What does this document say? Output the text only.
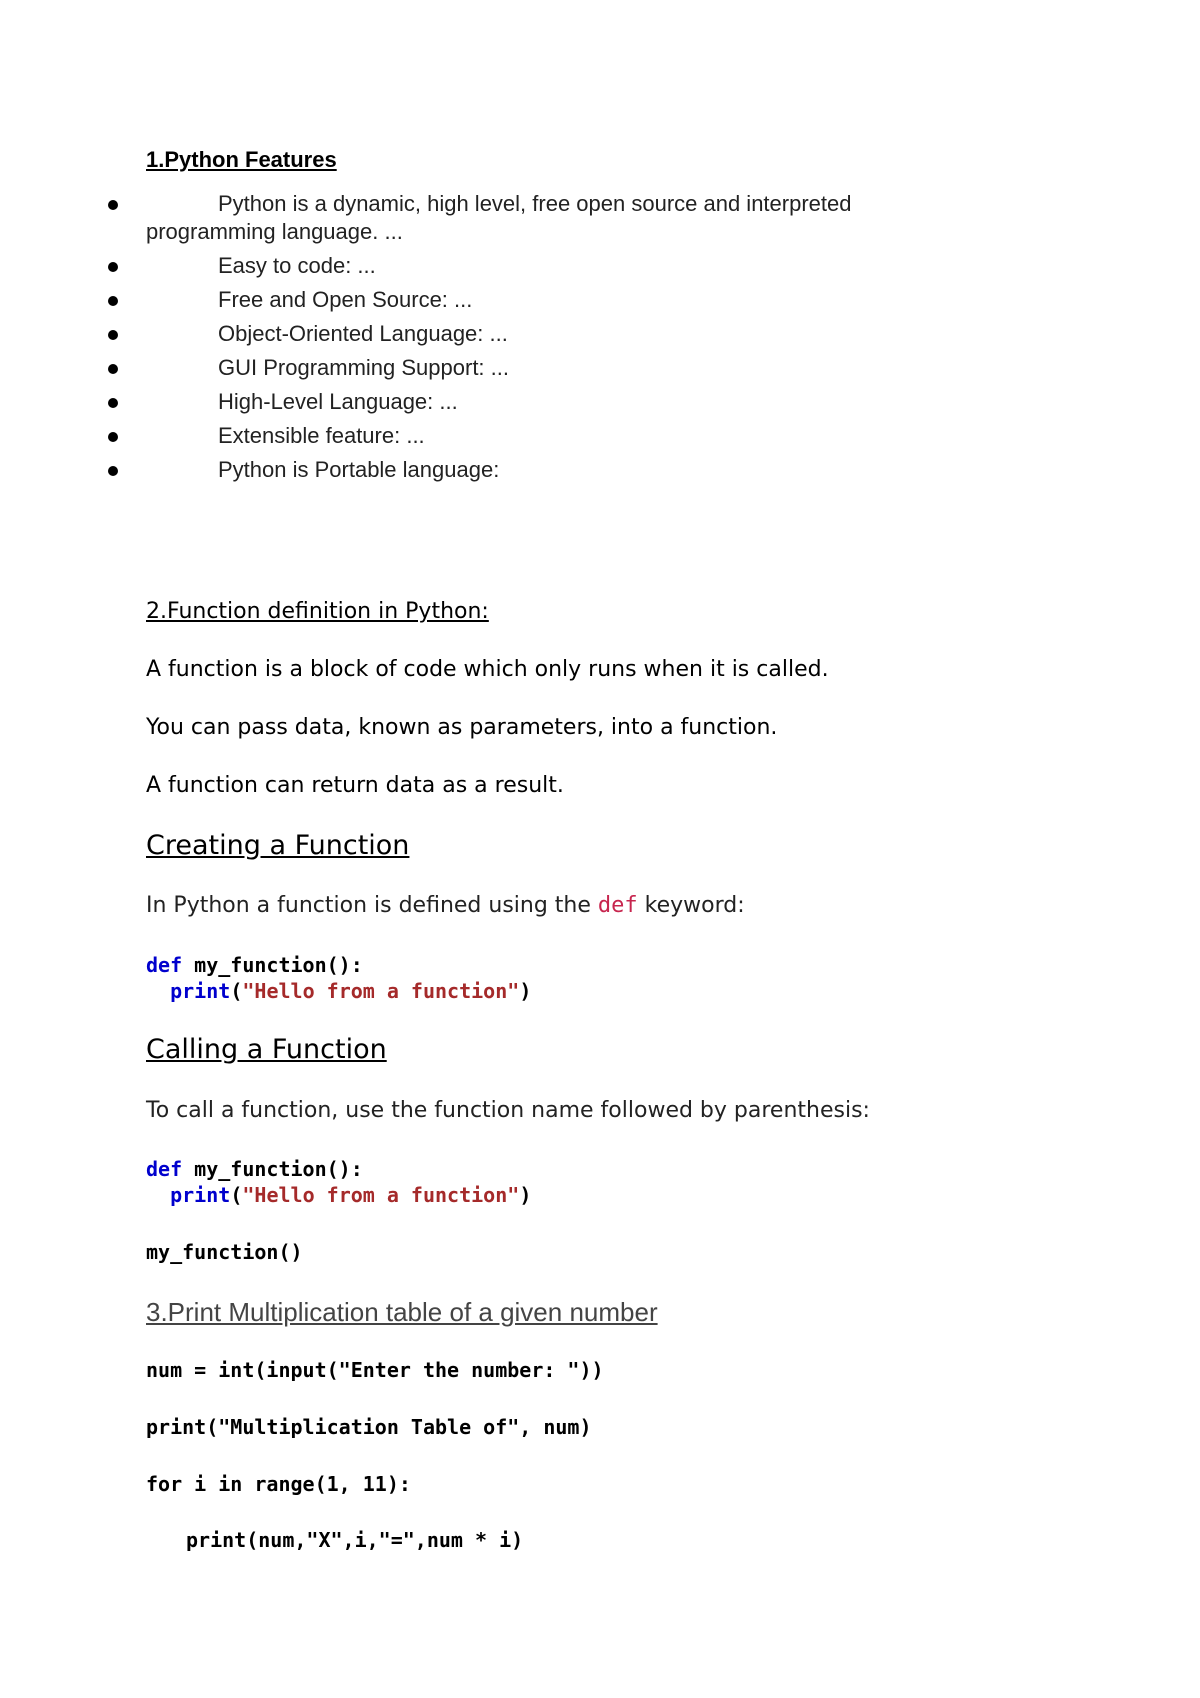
1.Python Features
Python is a dynamic, high level, free open source and interpreted
programming language. ...
Easy to code: ...
Free and Open Source: ...
Object-Oriented Language: ...
GUI Programming Support: ...
High-Level Language: ...
Extensible feature: ...
Python is Portable language:
2.Function definition in Python:
A function is a block of code which only runs when it is called.
You can pass data, known as parameters, into a function.
A function can return data as a result.
Creating a Function
In Python a function is defined using the def keyword:
def my_function():
print("Hello from a function")
Calling a Function
To call a function, use the function name followed by parenthesis:
def my_function():
print("Hello from a function")
my_function()
3.Print Multiplication table of a given number
num = int(input("Enter the number: "))
print("Multiplication Table of", num)
for i in range(1, 11):
print(num,"X",i,"=",num * i)
